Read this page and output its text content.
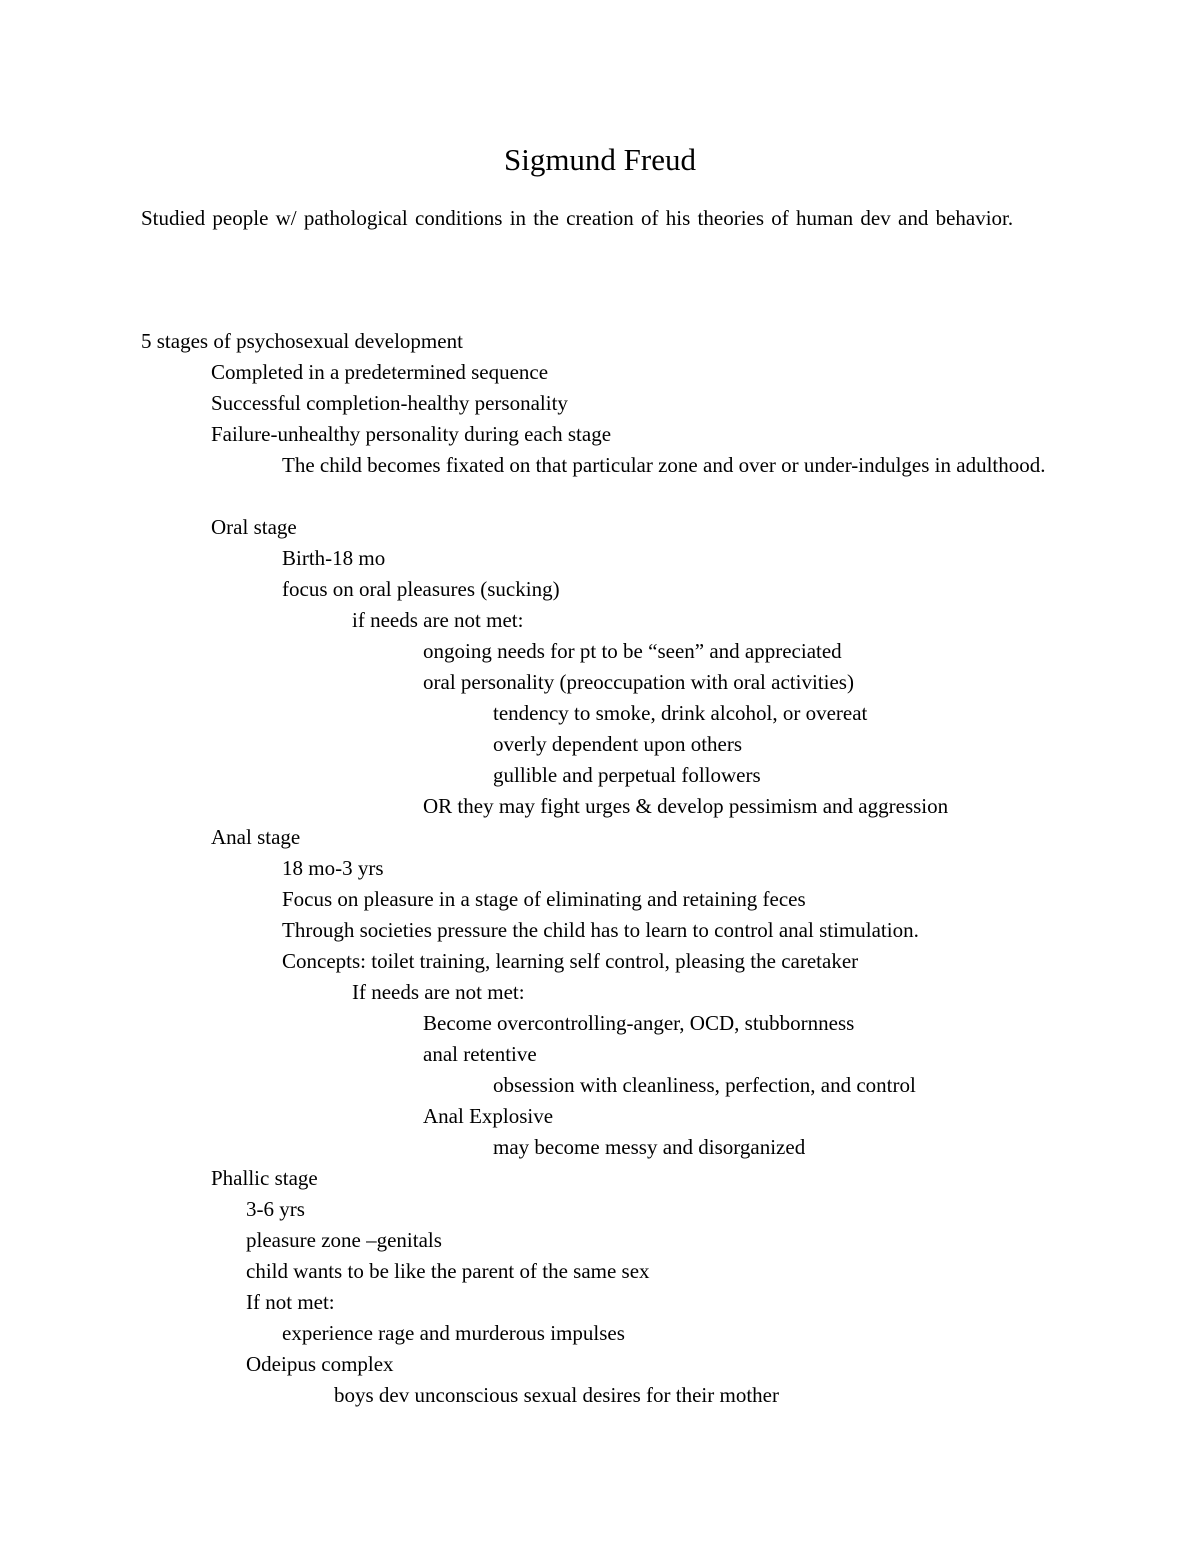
Sigmund Freud

Studied people w/ pathological conditions in the creation of his theories of human dev and behavior.

5 stages of psychosexual development
Completed in a predetermined sequence
Successful completion-healthy personality
Failure-unhealthy personality during each stage
The child becomes fixated on that particular zone and over or under-indulges in adulthood.
Oral stage
Birth-18 mo
focus on oral pleasures (sucking)
if needs are not met:
ongoing needs for pt to be “seen” and appreciated
oral personality (preoccupation with oral activities)
tendency to smoke, drink alcohol, or overeat
overly dependent upon others
gullible and perpetual followers
OR they may fight urges & develop pessimism and aggression
Anal stage
18 mo-3 yrs
Focus on pleasure in a stage of eliminating and retaining feces
Through societies pressure the child has to learn to control anal stimulation.
Concepts: toilet training, learning self control, pleasing the caretaker
If needs are not met:
Become overcontrolling-anger, OCD, stubbornness
anal retentive
obsession with cleanliness, perfection, and control
Anal Explosive
may become messy and disorganized
Phallic stage
3-6 yrs
pleasure zone –genitals
child wants to be like the parent of the same sex
If not met:
experience rage and murderous impulses
Odeipus complex
boys dev unconscious sexual desires for their mother
